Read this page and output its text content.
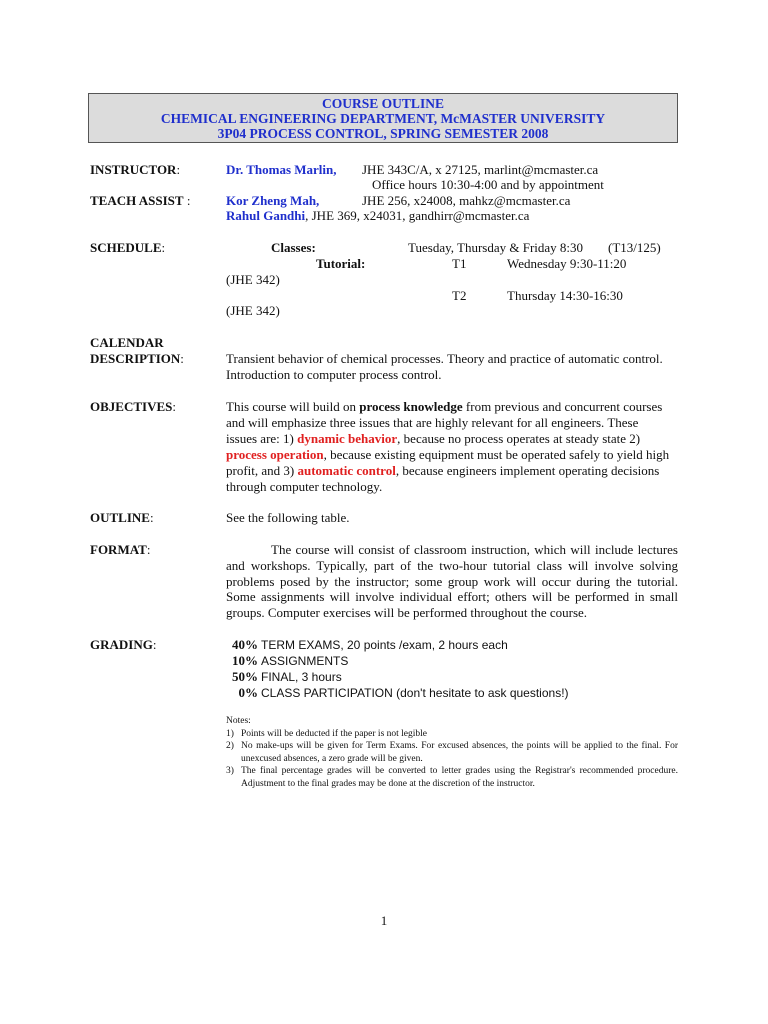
COURSE OUTLINE
CHEMICAL ENGINEERING DEPARTMENT, McMASTER UNIVERSITY
3P04 PROCESS CONTROL, SPRING SEMESTER 2008
INSTRUCTOR:	Dr. Thomas Marlin, JHE 343C/A, x 27125, marlint@mcmaster.ca
Office hours 10:30-4:00 and by appointment
TEACH ASSIST :	Kor Zheng Mah,	JHE 256, x24008, mahkz@mcmaster.ca
Rahul Gandhi, JHE 369, x24031, gandhirr@mcmaster.ca
SCHEDULE:	Classes:	Tuesday, Thursday & Friday 8:30 (T13/125)
Tutorial:	T1	Wednesday 9:30-11:20
(JHE 342)
T2	Thursday 14:30-16:30
(JHE 342)
CALENDAR
DESCRIPTION:	Transient behavior of chemical processes. Theory and practice of automatic control.
Introduction to computer process control.
OBJECTIVES:	This course will build on process knowledge from previous and concurrent courses
and will emphasize three issues that are highly relevant for all engineers. These
issues are: 1) dynamic behavior, because no process operates at steady state 2)
process operation, because existing equipment must be operated safely to yield high
profit, and 3) automatic control, because engineers implement operating decisions
through computer technology.
OUTLINE:	See the following table.
FORMAT:	The course will consist of classroom instruction, which will include lectures and workshops. Typically, part of the two-hour tutorial class will involve solving problems posed by the instructor; some group work will occur during the tutorial. Some assignments will involve individual effort; others will be performed in small groups. Computer exercises will be performed throughout the course.
GRADING:	40% TERM EXAMS, 20 points /exam, 2 hours each
10% ASSIGNMENTS
50% FINAL, 3 hours
0% CLASS PARTICIPATION (don't hesitate to ask questions!)
Notes:
1) Points will be deducted if the paper is not legible
2) No make-ups will be given for Term Exams. For excused absences, the points will be applied to the final. For unexcused absences, a zero grade will be given.
3) The final percentage grades will be converted to letter grades using the Registrar's recommended procedure. Adjustment to the final grades may be done at the discretion of the instructor.
1
